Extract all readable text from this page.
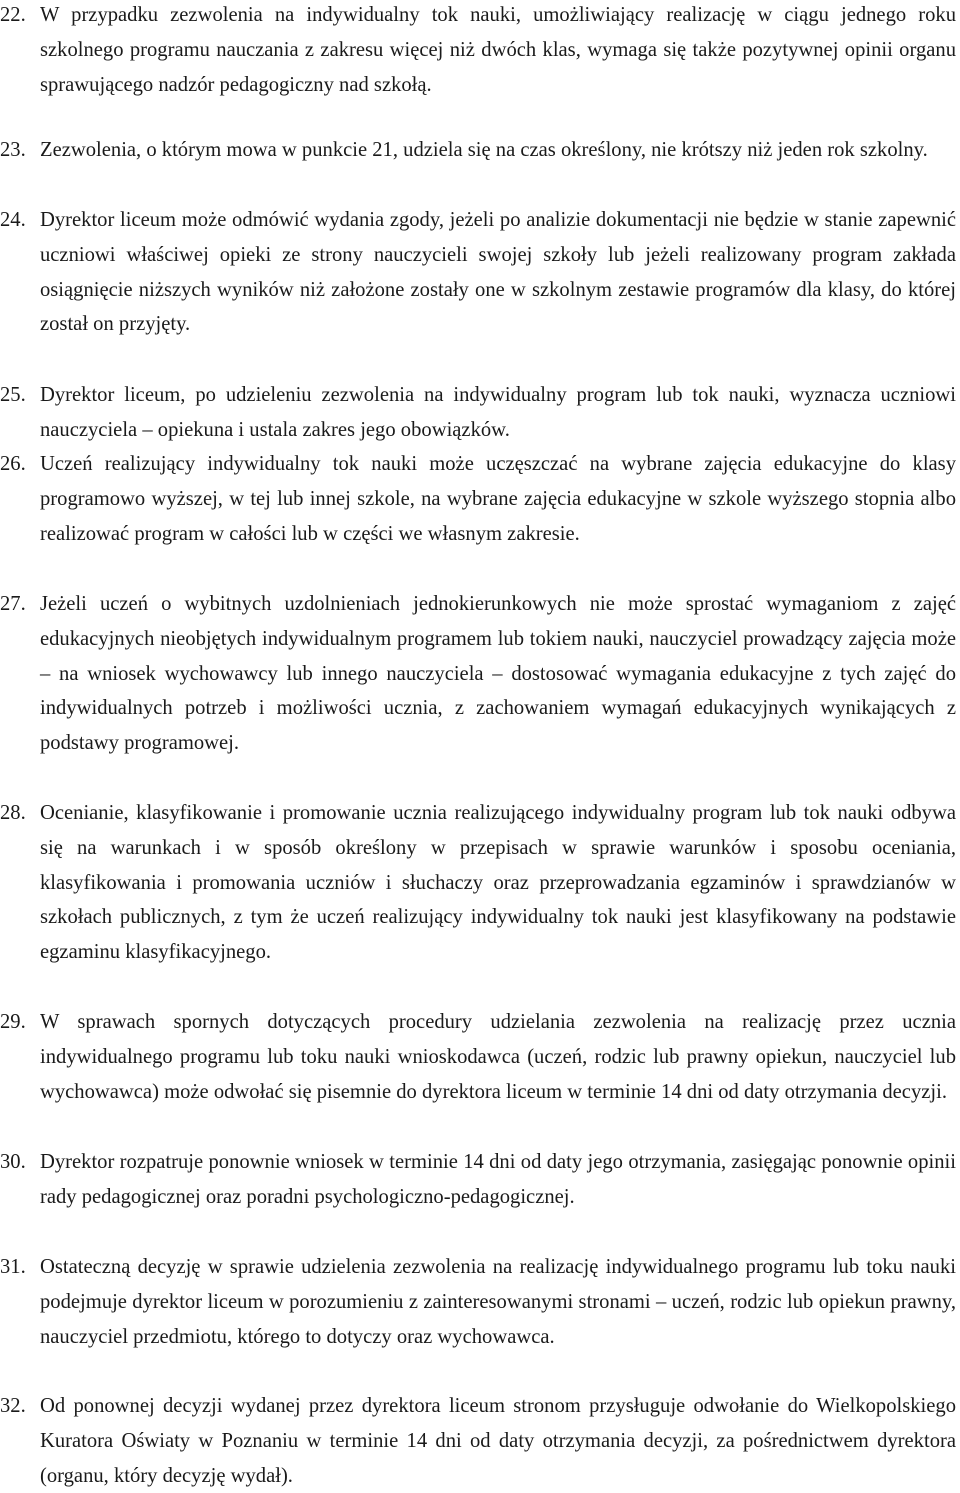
22. W przypadku zezwolenia na indywidualny tok nauki, umożliwiający realizację w ciągu jednego roku szkolnego programu nauczania z zakresu więcej niż dwóch klas, wymaga się także pozytywnej opinii organu sprawującego nadzór pedagogiczny nad szkołą.
23. Zezwolenia, o którym mowa w punkcie 21, udziela się na czas określony, nie krótszy niż jeden rok szkolny.
24. Dyrektor liceum może odmówić wydania zgody, jeżeli po analizie dokumentacji nie będzie w stanie zapewnić uczniowi właściwej opieki ze strony nauczycieli swojej szkoły lub jeżeli realizowany program zakłada osiągnięcie niższych wyników niż założone zostały one w szkolnym zestawie programów dla klasy, do której został on przyjęty.
25. Dyrektor liceum, po udzieleniu zezwolenia na indywidualny program lub tok nauki, wyznacza uczniowi nauczyciela – opiekuna i ustala zakres jego obowiązków.
26. Uczeń realizujący indywidualny tok nauki może uczęszczać na wybrane zajęcia edukacyjne do klasy programowo wyższej, w tej lub innej szkole, na wybrane zajęcia edukacyjne w szkole wyższego stopnia albo realizować program w całości lub w części we własnym zakresie.
27. Jeżeli uczeń o wybitnych uzdolnieniach jednokierunkowych nie może sprostać wymaganiom z zajęć edukacyjnych nieobjętych indywidualnym programem lub tokiem nauki, nauczyciel prowadzący zajęcia może – na wniosek wychowawcy lub innego nauczyciela – dostosować wymagania edukacyjne z tych zajęć do indywidualnych potrzeb i możliwości ucznia, z zachowaniem wymagań edukacyjnych wynikających z podstawy programowej.
28. Ocenianie, klasyfikowanie i promowanie ucznia realizującego indywidualny program lub tok nauki odbywa się na warunkach i w sposób określony w przepisach w sprawie warunków i sposobu oceniania, klasyfikowania i promowania uczniów i słuchaczy oraz przeprowadzania egzaminów i sprawdzianów w szkołach publicznych, z tym że uczeń realizujący indywidualny tok nauki jest klasyfikowany na podstawie egzaminu klasyfikacyjnego.
29. W sprawach spornych dotyczących procedury udzielania zezwolenia na realizację przez ucznia indywidualnego programu lub toku nauki wnioskodawca (uczeń, rodzic lub prawny opiekun, nauczyciel lub wychowawca) może odwołać się pisemnie do dyrektora liceum w terminie 14 dni od daty otrzymania decyzji.
30. Dyrektor rozpatruje ponownie wniosek w terminie 14 dni od daty jego otrzymania, zasięgając ponownie opinii rady pedagogicznej oraz poradni psychologiczno-pedagogicznej.
31. Ostateczną decyzję w sprawie udzielenia zezwolenia na realizację indywidualnego programu lub toku nauki podejmuje dyrektor liceum w porozumieniu z zainteresowanymi stronami – uczeń, rodzic lub opiekun prawny, nauczyciel przedmiotu, którego to dotyczy oraz wychowawca.
32. Od ponownej decyzji wydanej przez dyrektora liceum stronom przysługuje odwołanie do Wielkopolskiego Kuratora Oświaty w Poznaniu w terminie 14 dni od daty otrzymania decyzji, za pośrednictwem dyrektora (organu, który decyzję wydał).
